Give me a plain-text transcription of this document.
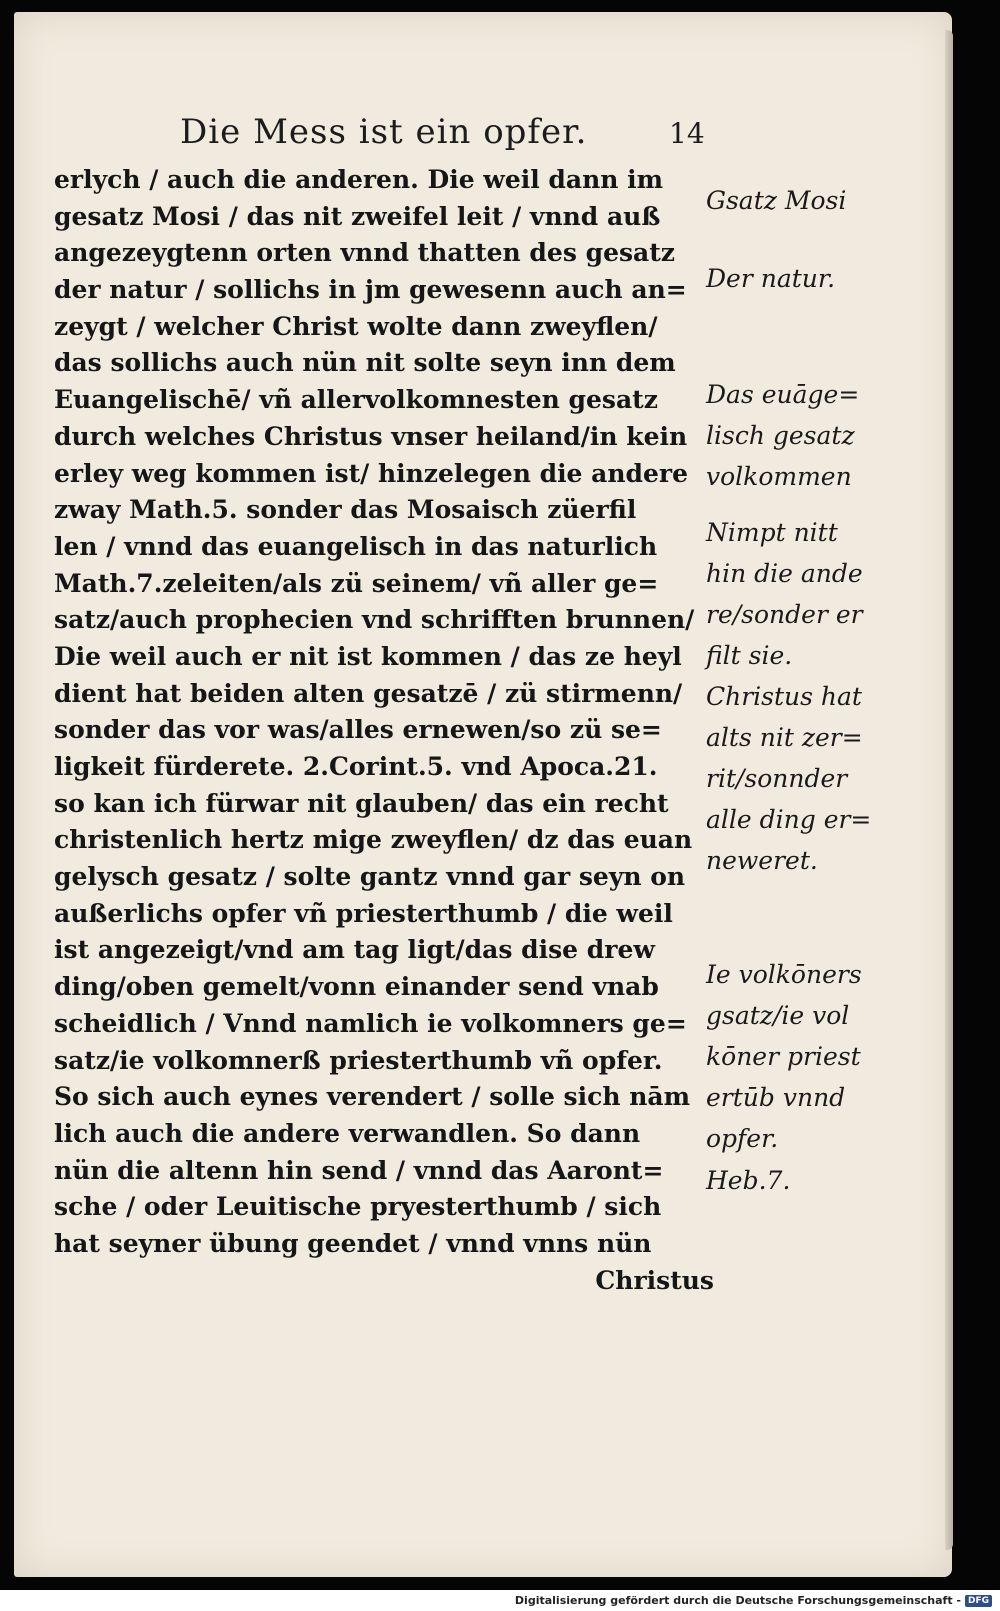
Die Mess ist ein opfer.	14
erlych / auch die anderen. Die weil dann im
gesatz Mosi / das nit zweifel leit / vnnd auß
angezeygtenn orten vnnd thatten des gesatz
der natur / sollichs in jm gewesenn auch an=
zeygt / welcher Christ wolte dann zweyflen/
das sollichs auch nün nit solte seyn inn dem
Euangelischē/ vñ allervolkomnesten gesatz
durch welches Christus vnser heiland/in kein
erley weg kommen ist/ hinzelegen die andere
zway Math.5. sonder das Mosaisch züerfil
len / vnnd das euangelisch in das naturlich
Math.7.zeleiten/als zü seinem/ vñ aller ge=
satz/auch prophecien vnd schrifften brunnen/
Die weil auch er nit ist kommen / das ze heyl
dient hat beiden alten gesatzē / zü stirmenn/
sonder das vor was/alles ernewen/so zü se=
ligkeit fürderete. 2.Corint.5. vnd Apoca.21.
so kan ich fürwar nit glauben/ das ein recht
christenlich hertz mige zweyflen/ dz das euan
gelysch gesatz / solte gantz vnnd gar seyn on
außerlichs opfer vñ priesterthumb / die weil
ist angezeigt/vnd am tag ligt/das dise drew
ding/oben gemelt/vonn einander send vnab
scheidlich / Vnnd namlich ie volkomners ge=
satz/ie volkomnerß priesterthumb vñ opfer.
So sich auch eynes verendert / solle sich nām
lich auch die andere verwandlen. So dann
nün die altenn hin send / vnnd das Aaront=
sche / oder Leuitische pryesterthumb / sich
hat seyner übung geendet / vnnd vnns nün
Christus
Gsatz Mosi
Der natur.
Das euāge=
lisch gesatz
volkommen
Nimpt nitt
hin die ande
re/sonder er
filt sie.
Christus hat
alts nit zer=
rit/sonnder
alle ding er=
neweret.
Ie volkōners
gsatz/ie vol
kōner priest
ertūb vnnd
opfer.
Heb.7.
Digitalisierung gefördert durch die Deutsche Forschungsgemeinschaft - DFG
